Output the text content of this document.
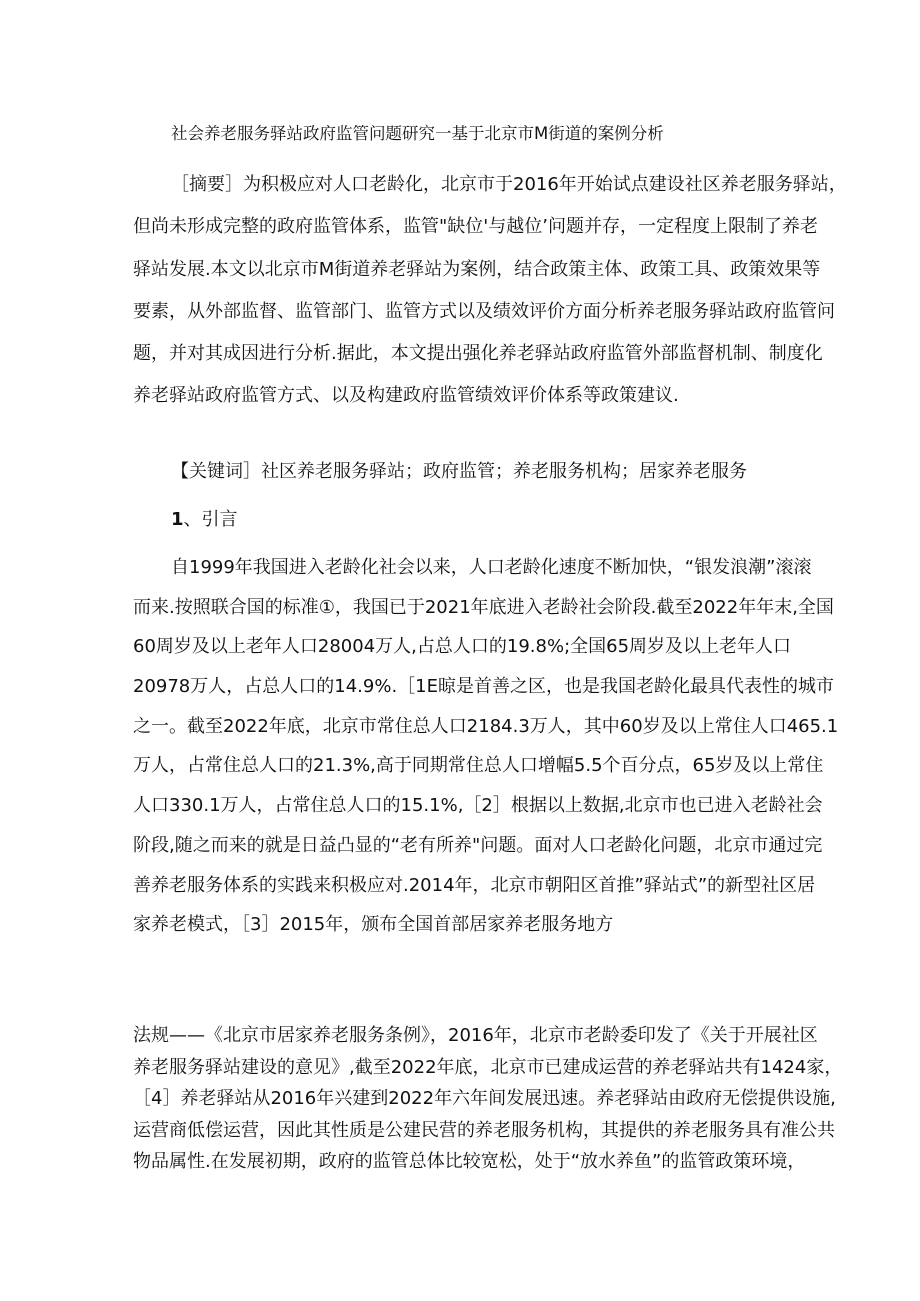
社会养老服务驿站政府监管问题研究一基于北京市M街道的案例分析
［摘要］为积极应对人口老龄化，北京市于2016年开始试点建设社区养老服务驿站，
但尚未形成完整的政府监管体系，监管"缺位'与越位’问题并存，一定程度上限制了养老
驿站发展.本文以北京市M街道养老驿站为案例，结合政策主体、政策工具、政策效果等
要素，从外部监督、监管部门、监管方式以及绩效评价方面分析养老服务驿站政府监管问
题，并对其成因进行分析.据此，本文提出强化养老驿站政府监管外部监督机制、制度化
养老驿站政府监管方式、以及构建政府监管绩效评价体系等政策建议.
【关键词］社区养老服务驿站；政府监管；养老服务机构；居家养老服务
1、引言
自1999年我国进入老龄化社会以来，人口老龄化速度不断加快，“银发浪潮”滚滚
而来.按照联合国的标准①，我国已于2021年底进入老龄社会阶段.截至2022年年末,全国
60周岁及以上老年人口28004万人,占总人口的19.8%;全国65周岁及以上老年人口
20978万人，占总人口的14.9%.［1E晾是首善之区，也是我国老龄化最具代表性的城市
之一。截至2022年底，北京市常住总人口2184.3万人，其中60岁及以上常住人口465.1
万人，占常住总人口的21.3%,高于同期常住总人口增幅5.5个百分点，65岁及以上常住
人口330.1万人，占常住总人口的15.1%,［2］根据以上数据,北京市也已进入老龄社会
阶段,随之而来的就是日益凸显的“老有所养"问题。面对人口老龄化问题，北京市通过完
善养老服务体系的实践来积极应对.2014年，北京市朝阳区首推”驿站式”的新型社区居
家养老模式，［3］2015年，颁布全国首部居家养老服务地方
法规——《北京市居家养老服务条例》，2016年，北京市老龄委印发了《关于开展社区
养老服务驿站建设的意见》,截至2022年底，北京市已建成运营的养老驿站共有1424家，
［4］养老驿站从2016年兴建到2022年六年间发展迅速。养老驿站由政府无偿提供设施,
运营商低偿运营，因此其性质是公建民营的养老服务机构，其提供的养老服务具有准公共
物品属性.在发展初期，政府的监管总体比较宽松，处于“放水养鱼”的监管政策环境，
